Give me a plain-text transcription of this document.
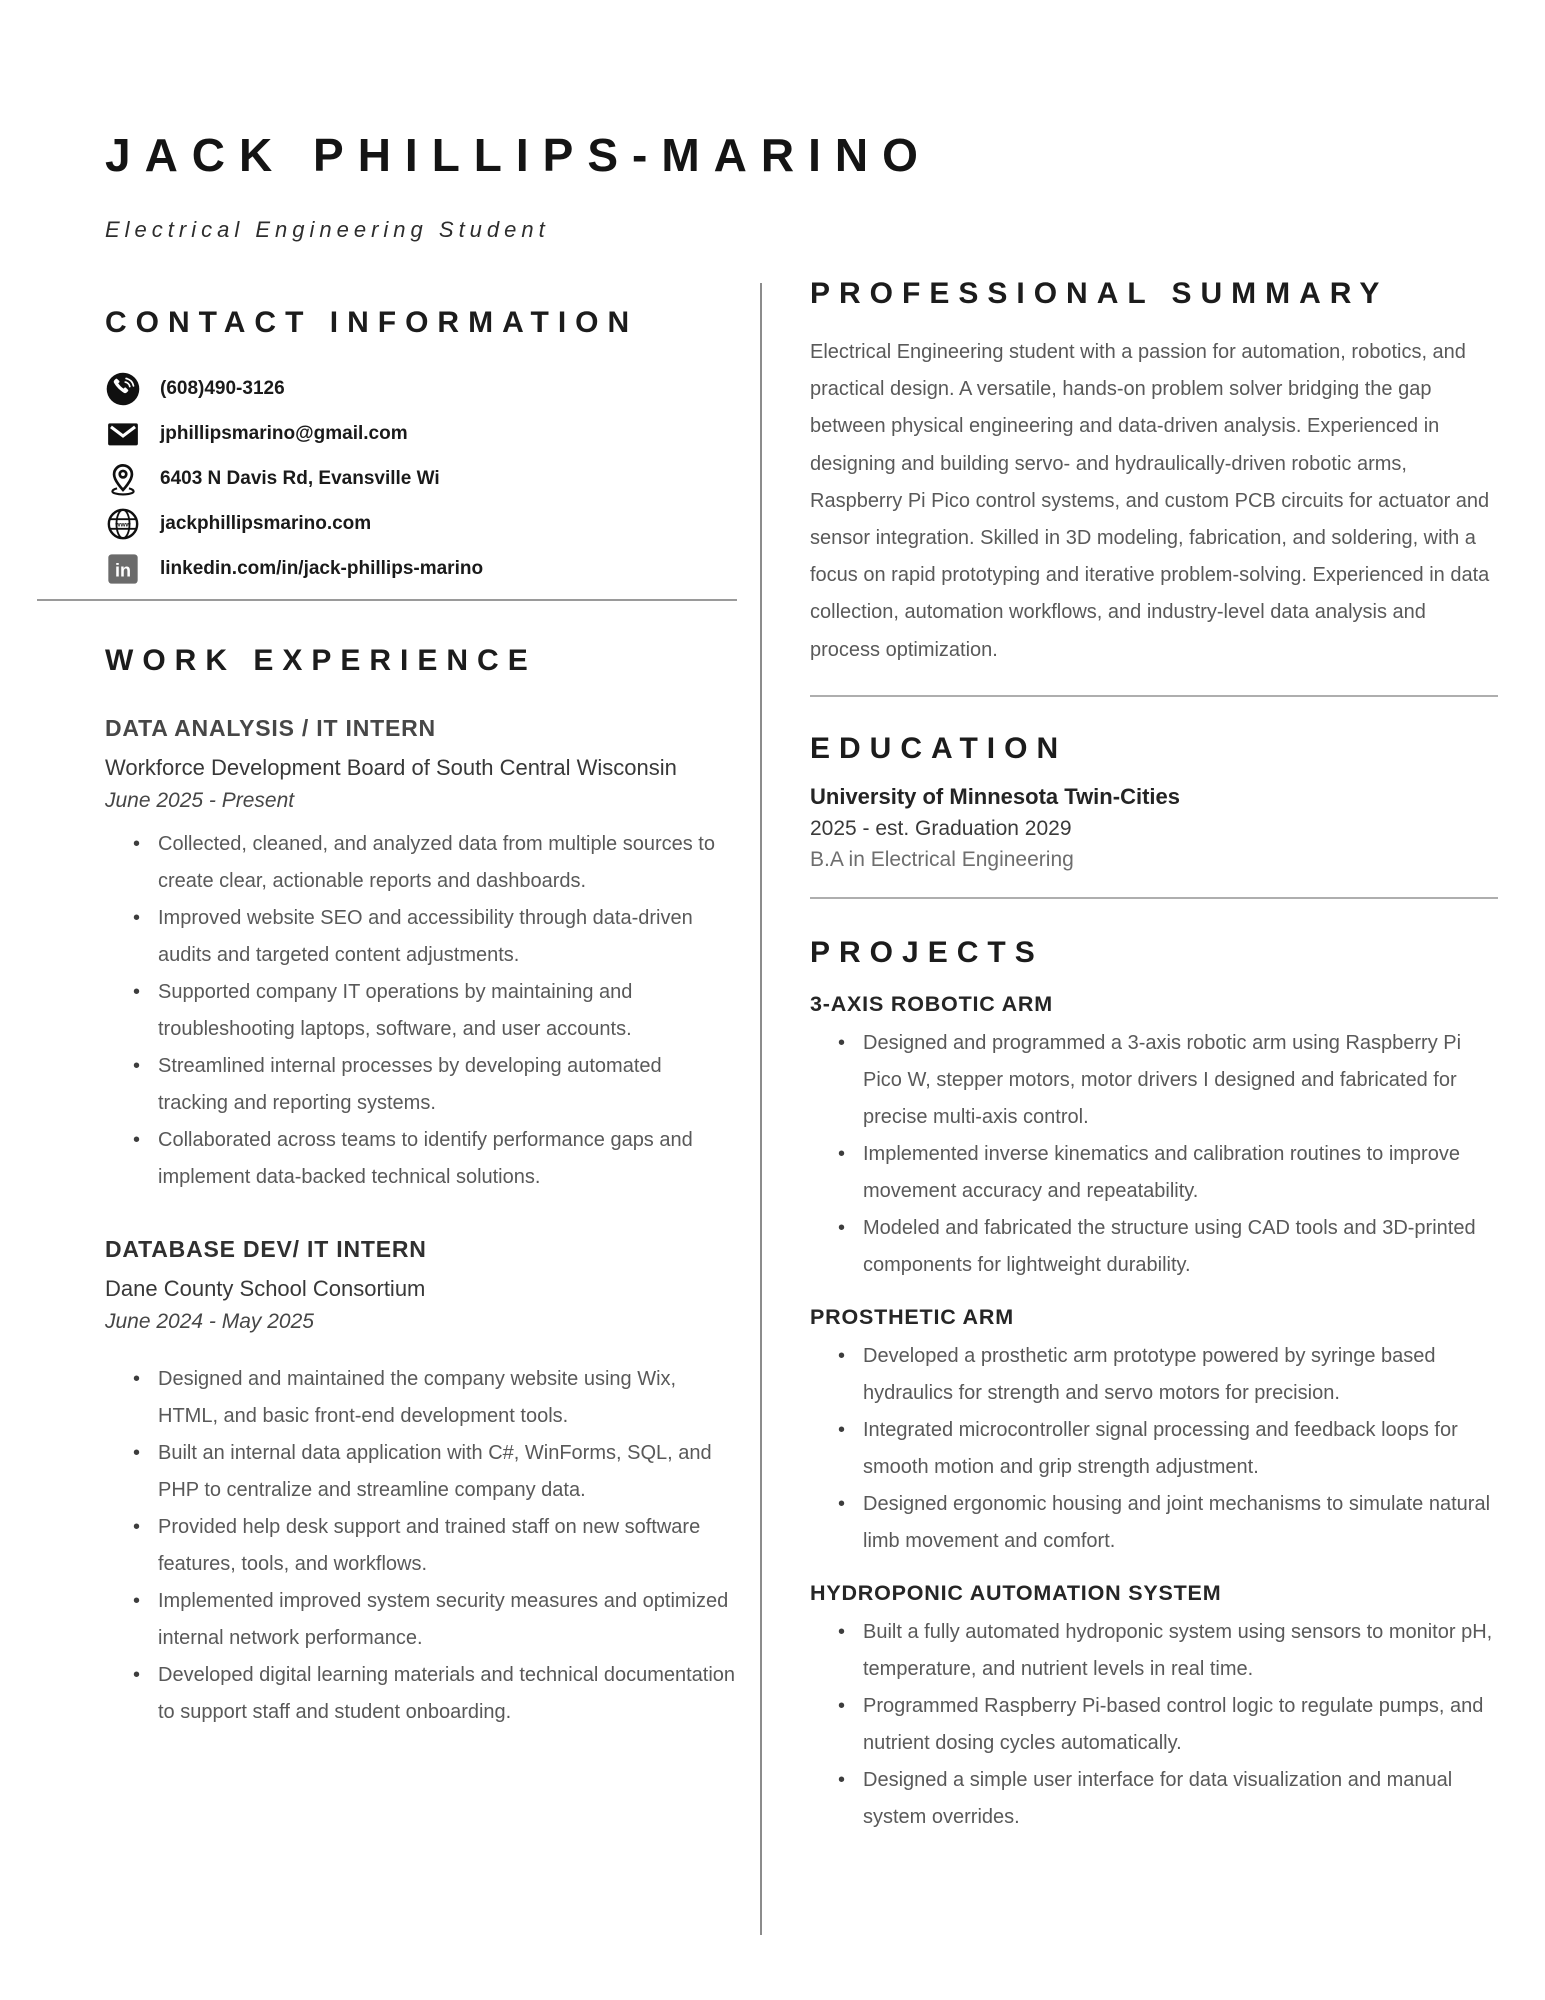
JACK PHILLIPS-MARINO
Electrical Engineering Student
CONTACT INFORMATION
(608)490-3126
jphillipsmarino@gmail.com
6403 N Davis Rd, Evansville Wi
www jackphillipsmarino.com
in linkedin.com/in/jack-phillips-marino
WORK EXPERIENCE
DATA ANALYSIS / IT INTERN
Workforce Development Board of South Central Wisconsin
June 2025 - Present
• Collected, cleaned, and analyzed data from multiple sources to create clear, actionable reports and dashboards.
• Improved website SEO and accessibility through data-driven audits and targeted content adjustments.
• Supported company IT operations by maintaining and troubleshooting laptops, software, and user accounts.
• Streamlined internal processes by developing automated tracking and reporting systems.
• Collaborated across teams to identify performance gaps and implement data-backed technical solutions.
DATABASE DEV/ IT INTERN
Dane County School Consortium
June 2024 - May 2025
• Designed and maintained the company website using Wix, HTML, and basic front-end development tools.
• Built an internal data application with C#, WinForms, SQL, and PHP to centralize and streamline company data.
• Provided help desk support and trained staff on new software features, tools, and workflows.
• Implemented improved system security measures and optimized internal network performance.
• Developed digital learning materials and technical documentation to support staff and student onboarding.
PROFESSIONAL SUMMARY

Electrical Engineering student with a passion for automation, robotics, and practical design. A versatile, hands-on problem solver bridging the gap between physical engineering and data-driven analysis. Experienced in designing and building servo- and hydraulically-driven robotic arms, Raspberry Pi Pico control systems, and custom PCB circuits for actuator and sensor integration. Skilled in 3D modeling, fabrication, and soldering, with a focus on rapid prototyping and iterative problem-solving. Experienced in data collection, automation workflows, and industry-level data analysis and process optimization.

EDUCATION
University of Minnesota Twin-Cities
2025 - est. Graduation 2029
B.A in Electrical Engineering
PROJECTS
3-AXIS ROBOTIC ARM
• Designed and programmed a 3-axis robotic arm using Raspberry Pi Pico W, stepper motors, motor drivers I designed and fabricated for precise multi-axis control.
• Implemented inverse kinematics and calibration routines to improve movement accuracy and repeatability.
• Modeled and fabricated the structure using CAD tools and 3D-printed components for lightweight durability.
PROSTHETIC ARM
• Developed a prosthetic arm prototype powered by syringe based hydraulics for strength and servo motors for precision.
• Integrated microcontroller signal processing and feedback loops for smooth motion and grip strength adjustment.
• Designed ergonomic housing and joint mechanisms to simulate natural limb movement and comfort.
HYDROPONIC AUTOMATION SYSTEM
• Built a fully automated hydroponic system using sensors to monitor pH, temperature, and nutrient levels in real time.
• Programmed Raspberry Pi-based control logic to regulate pumps, and nutrient dosing cycles automatically.
• Designed a simple user interface for data visualization and manual system overrides.
